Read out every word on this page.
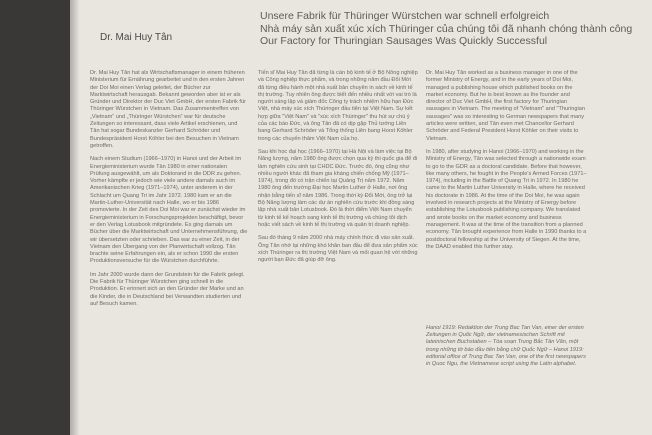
Dr. Mai Huy Tân

Unsere Fabrik für Thüringer Würstchen war schnell erfolgreich
Nhà máy sản xuất xúc xích Thüringer của chúng tôi đã nhanh chóng thành công
Our Factory for Thuringian Sausages Was Quickly Successful

Dr. Mai Huy Tân hat als Wirtschaftsmanager in einem früheren Ministerium für Ernährung gearbeitet und in den ersten Jahren der Doi Moi einen Verlag geleitet, der Bücher zur Marktwirtschaft herausgab. Bekannt geworden aber ist er als Gründer und Direktor der Duc Viet GmbH, der ersten Fabrik für Thüringer Würstchen in Vietnam. Das Zusammentreffen von „Vietnam“ und „Thüringer Würstchen“ war für deutsche Zeitungen so interessant, dass viele Artikel erschienen, und Tân hat sogar Bundeskanzler Gerhard Schröder und Bundespräsident Horst Köhler bei den Besuchen in Vietnam getroffen.

Nach einem Studium (1966–1970) in Hanoi und der Arbeit im Energieministerium wurde Tân 1980 in einer nationalen Prüfung ausgewählt, um als Doktorand in die DDR zu gehen. Vorher kämpfte er jedoch wie viele andere damals auch im Amerikanischen Krieg (1971–1974), unter anderem in der Schlacht um Quang Tri im Jahr 1972. 1980 kam er an die Martin-Luther-Universität nach Halle, wo er bis 1986 promovierte. In der Zeit des Doi Moi war er zunächst wieder im Energieministerium in Forschungsprojekten beschäftigt, bevor er den Verlag Lotusbook mitgründete. Es ging damals um Bücher über die Marktwirtschaft und Unternehmensführung, die wir übersetzten oder schrieben. Das war zu einer Zeit, in der Vietnam den Übergang von der Planwirtschaft vollzog. Tân brachte seine Erfahrungen ein, als er schon 1990 die ersten Produktionsversuche für die Würstchen durchführte.

Im Jahr 2000 wurde dann der Grundstein für die Fabrik gelegt. Die Fabrik für Thüringer Würstchen ging schnell in die Produktion. Er erinnert sich an den Gründer der Marke und an die Kinder, die in Deutschland bei Verwandten studierten und auf Besuch kamen.

Tiến sĩ Mai Huy Tân đã từng là cán bộ kinh tế ở Bộ Nông nghiệp và Công nghiệp thực phẩm, và trong những năm đầu Đổi Mới đã từng điều hành một nhà xuất bản chuyên in sách về kinh tế thị trường. Tuy nhiên ông được biết đến nhiều nhất với vai trò là người sáng lập và giám đốc Công ty trách nhiệm hữu hạn Đức Việt, nhà máy xúc xích Thüringer đầu tiên tại Việt Nam. Sự kết hợp giữa "Việt Nam" và "xúc xích Thüringer" thu hút sự chú ý của các báo Đức, và ông Tân đã có dịp gặp Thủ tướng Liên bang Gerhard Schröder và Tổng thống Liên bang Horst Köhler trong các chuyến thăm Việt Nam của họ.

Sau khi học đại học (1966–1970) tại Hà Nội và làm việc tại Bộ Năng lượng, năm 1980 ông được chọn qua kỳ thi quốc gia để đi làm nghiên cứu sinh tại CHDC Đức. Trước đó, ông cũng như nhiều người khác đã tham gia kháng chiến chống Mỹ (1971–1974), trong đó có trận chiến tại Quảng Trị năm 1972. Năm 1980 ông đến trường Đại học Martin Luther ở Halle, nơi ông nhận bằng tiến sĩ năm 1986. Trong thời kỳ Đổi Mới, ông trở lại Bộ Năng lượng làm các dự án nghiên cứu trước khi đồng sáng lập nhà xuất bản Lotusbook. Đó là thời điểm Việt Nam chuyển từ kinh tế kế hoạch sang kinh tế thị trường và chúng tôi dịch hoặc viết sách về kinh tế thị trường và quản trị doanh nghiệp.

Sau đó tháng 9 năm 2000 nhà máy chính thức đi vào sản xuất. Ông Tân nhớ lại những khó khăn ban đầu để đưa sản phẩm xúc xích Thüringer ra thị trường Việt Nam và mối quan hệ với những người bạn Đức đã giúp đỡ ông.

Dr. Mai Huy Tân worked as a business manager in one of the former Ministry of Energy, and in the early years of Doi Moi, managed a publishing house which published books on the market economy. But he is best known as the founder and director of Duc Viet GmbH, the first factory for Thuringian sausages in Vietnam. The meeting of "Vietnam" and "Thuringian sausages" was so interesting to German newspapers that many articles were written, and Tân even met Chancellor Gerhard Schröder and Federal President Horst Köhler on their visits to Vietnam.

In 1980, after studying in Hanoi (1966–1970) and working in the Ministry of Energy, Tân was selected through a nationwide exam to go to the GDR as a doctoral candidate. Before that however, like many others, he fought in the People's Armed Forces (1971–1974), including in the Battle of Quang Tri in 1972. In 1980 he came to the Martin Luther University in Halle, where he received his doctorate in 1986. At the time of the Doi Moi, he was again involved in research projects at the Ministry of Energy before establishing the Lotusbook publishing company. We translated and wrote books on the market economy and business management. It was at the time of the transition from a planned economy. Tân brought experience from Halle in 1990 thanks to a postdoctoral fellowship at the University of Siegen. At the time, the DAAD enabled this further stay.

Hanoi 1919: Redaktion der Trung Bac Tan Van, einer der ersten Zeitungen in Quốc Ngữ, der vietnamesischen Schrift mit lateinischen Buchstaben – Tòa soạn Trung Bắc Tân Văn, một trong những tờ báo đầu tiên bằng chữ Quốc Ngữ – Hanoi 1919: editorial office of Trung Bac Tan Van, one of the first newspapers in Quoc Ngu, the Vietnamese script using the Latin alphabet.
